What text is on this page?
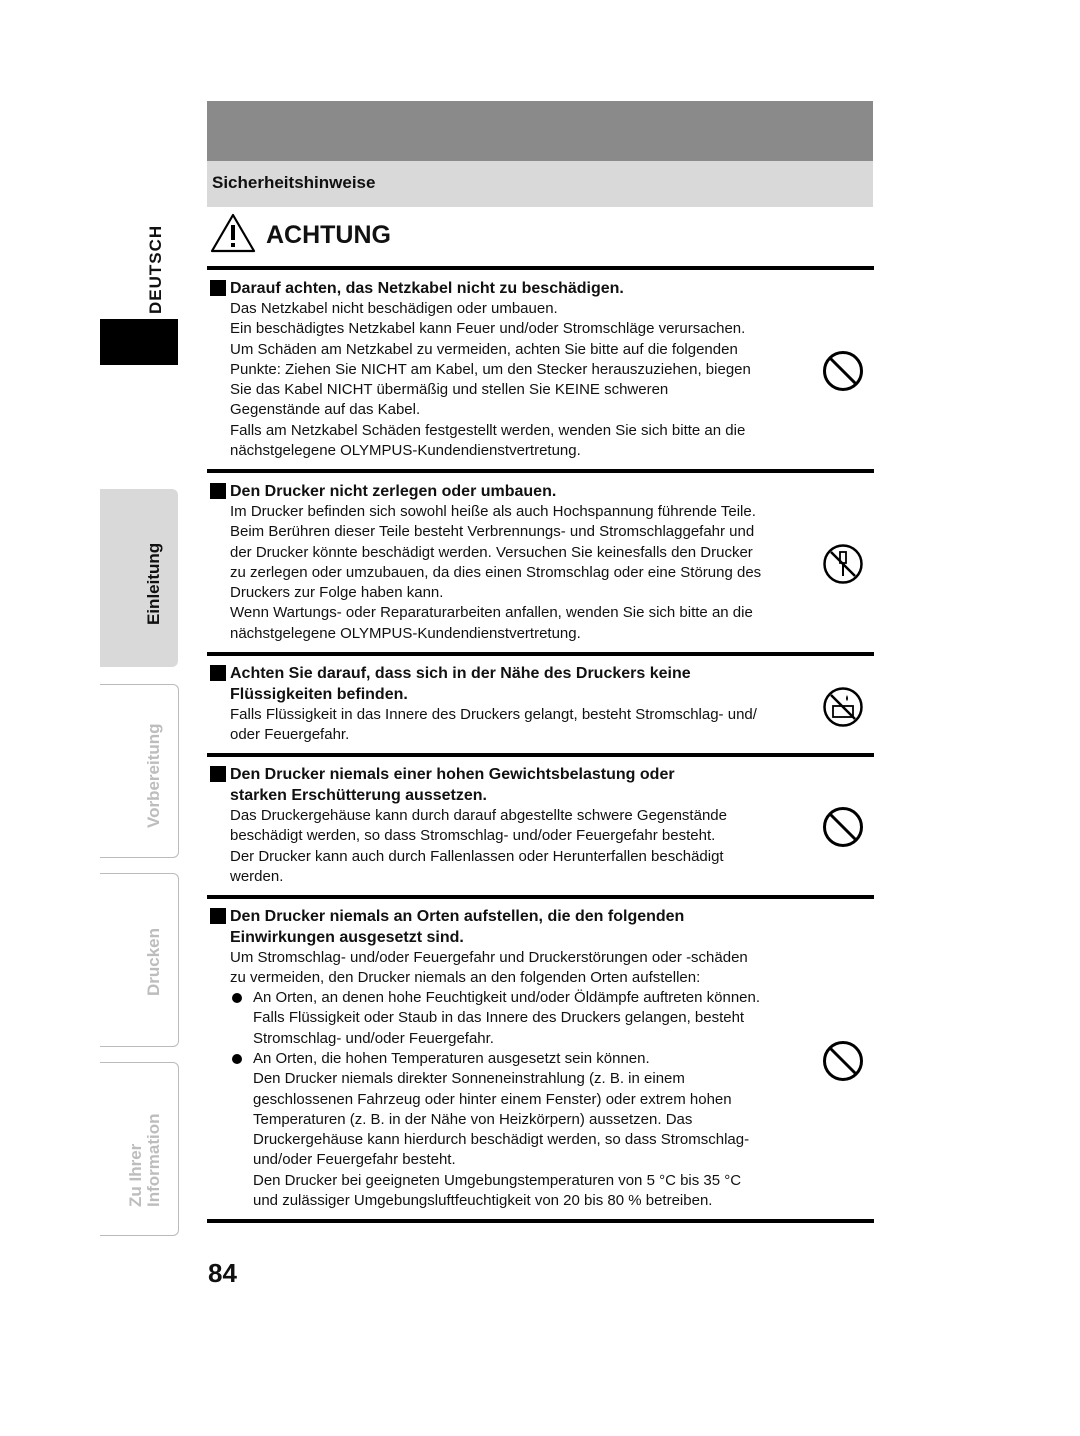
Sicherheitshinweise
ACHTUNG
DEUTSCH
Einleitung
Vorbereitung
Drucken
Zu Ihrer Information
Darauf achten, das Netzkabel nicht zu beschädigen.
Das Netzkabel nicht beschädigen oder umbauen.
Ein beschädigtes Netzkabel kann Feuer und/oder Stromschläge verursachen.
Um Schäden am Netzkabel zu vermeiden, achten Sie bitte auf die folgenden
Punkte: Ziehen Sie NICHT am Kabel, um den Stecker herauszuziehen, biegen
Sie das Kabel NICHT übermäßig und stellen Sie KEINE schweren
Gegenstände auf das Kabel.
Falls am Netzkabel Schäden festgestellt werden, wenden Sie sich bitte an die
nächstgelegene OLYMPUS-Kundendienstvertretung.
Den Drucker nicht zerlegen oder umbauen.
Im Drucker befinden sich sowohl heiße als auch Hochspannung führende Teile.
Beim Berühren dieser Teile besteht Verbrennungs- und Stromschlaggefahr und
der Drucker könnte beschädigt werden. Versuchen Sie keinesfalls den Drucker
zu zerlegen oder umzubauen, da dies einen Stromschlag oder eine Störung des
Druckers zur Folge haben kann.
Wenn Wartungs- oder Reparaturarbeiten anfallen, wenden Sie sich bitte an die
nächstgelegene OLYMPUS-Kundendienstvertretung.
Achten Sie darauf, dass sich in der Nähe des Druckers keine
Flüssigkeiten befinden.
Falls Flüssigkeit in das Innere des Druckers gelangt, besteht Stromschlag- und/
oder Feuergefahr.
Den Drucker niemals einer hohen Gewichtsbelastung oder
starken Erschütterung aussetzen.
Das Druckergehäuse kann durch darauf abgestellte schwere Gegenstände
beschädigt werden, so dass Stromschlag- und/oder Feuergefahr besteht.
Der Drucker kann auch durch Fallenlassen oder Herunterfallen beschädigt
werden.
Den Drucker niemals an Orten aufstellen, die den folgenden
Einwirkungen ausgesetzt sind.
Um Stromschlag- und/oder Feuergefahr und Druckerstörungen oder -schäden
zu vermeiden, den Drucker niemals an den folgenden Orten aufstellen:
An Orten, an denen hohe Feuchtigkeit und/oder Öldämpfe auftreten können.
Falls Flüssigkeit oder Staub in das Innere des Druckers gelangen, besteht
Stromschlag- und/oder Feuergefahr.
An Orten, die hohen Temperaturen ausgesetzt sein können.
Den Drucker niemals direkter Sonneneinstrahlung (z. B. in einem
geschlossenen Fahrzeug oder hinter einem Fenster) oder extrem hohen
Temperaturen (z. B. in der Nähe von Heizkörpern) aussetzen. Das
Druckergehäuse kann hierdurch beschädigt werden, so dass Stromschlag-
und/oder Feuergefahr besteht.
Den Drucker bei geeigneten Umgebungstemperaturen von 5 °C bis 35 °C
und zulässiger Umgebungsluftfeuchtigkeit von 20 bis 80 % betreiben.
84
